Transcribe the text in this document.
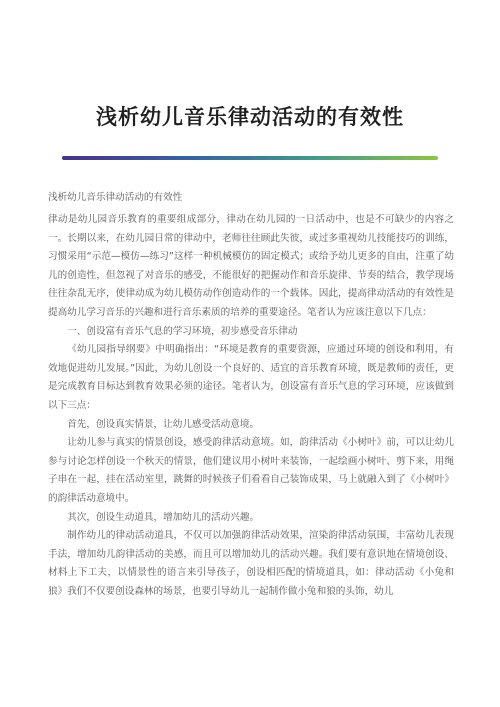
浅析幼儿音乐律动活动的有效性

浅析幼儿音乐律动活动的有效性

律动是幼儿园音乐教育的重要组成部分，律动在幼儿园的一日活动中，也是不可缺少的内容之一。长期以来，在幼儿园日常的律动中，老师往往顾此失彼，或过多重视幼儿技能技巧的训练，习惯采用“示范—模仿—练习”这样一种机械模仿的固定模式；或给予幼儿更多的自由，注重了幼儿的创造性，但忽视了对音乐的感受，不能很好的把握动作和音乐旋律、节奏的结合，教学现场往往杂乱无序，使律动成为幼儿模仿动作创造动作的一个载体。因此，提高律动活动的有效性是提高幼儿学习音乐的兴趣和进行音乐素质的培养的重要途径。笔者认为应该注意以下几点：

一、创设富有音乐气息的学习环境，初步感受音乐律动

《幼儿园指导纲要》中明确指出：“环境是教育的重要资源，应通过环境的创设和利用，有效地促进幼儿发展。”因此，为幼儿创设一个良好的、适宜的音乐教育环境，既是教师的责任，更是完成教育目标达到教育效果必须的途径。笔者认为，创设富有音乐气息的学习环境，应该做到以下三点：

首先，创设真实情景，让幼儿感受活动意境。

让幼儿参与真实的情景创设，感受韵律活动意境。如，韵律活动《小树叶》前，可以让幼儿参与讨论怎样创设一个秋天的情景，他们建议用小树叶来装饰，一起绘画小树叶、剪下来，用绳子串在一起，挂在活动室里，跳舞的时候孩子们看看自己装饰成果，马上就融入到了《小树叶》的韵律活动意境中。

其次，创设生动道具，增加幼儿的活动兴趣。

制作幼儿的律动活动道具，不仅可以加强韵律活动效果，渲染韵律活动氛围，丰富幼儿表现手法，增加幼儿韵律活动的美感，而且可以增加幼儿的活动兴趣。我们要有意识地在情境创设、材料上下工夫，以情景性的语言来引导孩子，创设相匹配的情境道具，如：律动活动《小兔和狼》我们不仅要创设森林的场景，也要引导幼儿一起制作做小兔和狼的头饰，幼儿
